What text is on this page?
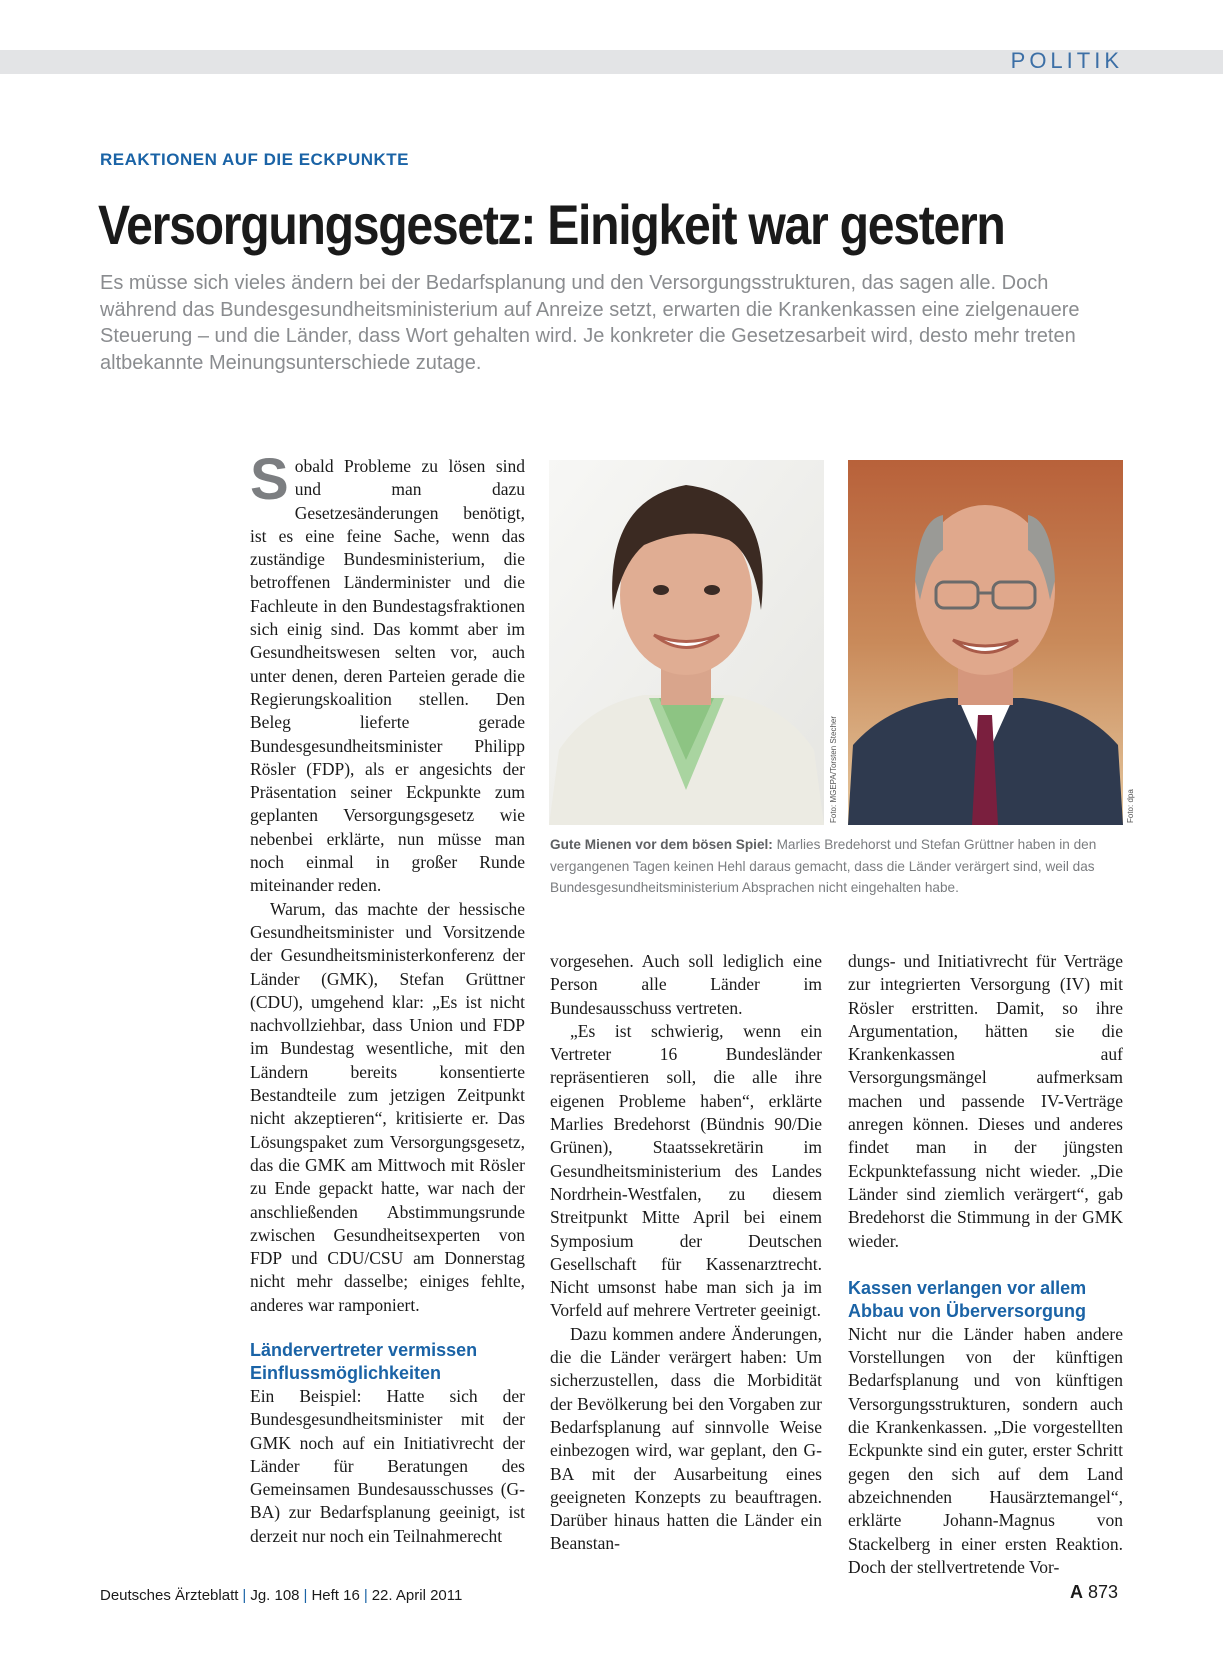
POLITIK
REAKTIONEN AUF DIE ECKPUNKTE
Versorgungsgesetz: Einigkeit war gestern
Es müsse sich vieles ändern bei der Bedarfsplanung und den Versorgungsstrukturen, das sagen alle. Doch während das Bundesgesundheitsministerium auf Anreize setzt, erwarten die Krankenkassen eine zielgenauere Steuerung – und die Länder, dass Wort gehalten wird. Je konkreter die Gesetzesarbeit wird, desto mehr treten altbekannte Meinungsunterschiede zutage.

Sobald Probleme zu lösen sind und man dazu Gesetzesänderungen benötigt, ist es eine feine Sache, wenn das zuständige Bundesministerium, die betroffenen Länderminister und die Fachleute in den Bundestagsfraktionen sich einig sind. Das kommt aber im Gesundheitswesen selten vor, auch unter denen, deren Parteien gerade die Regierungskoalition stellen. Den Beleg lieferte gerade Bundesgesundheitsminister Philipp Rösler (FDP), als er angesichts der Präsentation seiner Eckpunkte zum geplanten Versorgungsgesetz wie nebenbei erklärte, nun müsse man noch einmal in großer Runde miteinander reden.

Warum, das machte der hessische Gesundheitsminister und Vorsitzende der Gesundheitsministerkonferenz der Länder (GMK), Stefan Grüttner (CDU), umgehend klar: „Es ist nicht nachvollziehbar, dass Union und FDP im Bundestag wesentliche, mit den Ländern bereits konsentierte Bestandteile zum jetzigen Zeitpunkt nicht akzeptieren“, kritisierte er. Das Lösungspaket zum Versorgungsgesetz, das die GMK am Mittwoch mit Rösler zu Ende gepackt hatte, war nach der anschließenden Abstimmungsrunde zwischen Gesundheitsexperten von FDP und CDU/CSU am Donnerstag nicht mehr dasselbe; einiges fehlte, anderes war ramponiert.

Ländervertreter vermissen Einflussmöglichkeiten

Ein Beispiel: Hatte sich der Bundesgesundheitsminister mit der GMK noch auf ein Initiativrecht der Länder für Beratungen des Gemeinsamen Bundesausschusses (G-BA) zur Bedarfsplanung geeinigt, ist derzeit nur noch ein Teilnahmerecht

Foto: MGEPA/Torsten Stecher	Foto: dpa
Gute Mienen vor dem bösen Spiel: Marlies Bredehorst und Stefan Grüttner haben in den vergangenen Tagen keinen Hehl daraus gemacht, dass die Länder verärgert sind, weil das Bundesgesundheitsministerium Absprachen nicht eingehalten habe.

vorgesehen. Auch soll lediglich eine Person alle Länder im Bundesausschuss vertreten.

„Es ist schwierig, wenn ein Vertreter 16 Bundesländer repräsentieren soll, die alle ihre eigenen Probleme haben“, erklärte Marlies Bredehorst (Bündnis 90/Die Grünen), Staatssekretärin im Gesundheitsministerium des Landes Nordrhein-Westfalen, zu diesem Streitpunkt Mitte April bei einem Symposium der Deutschen Gesellschaft für Kassenarztrecht. Nicht umsonst habe man sich ja im Vorfeld auf mehrere Vertreter geeinigt.

Dazu kommen andere Änderungen, die die Länder verärgert haben: Um sicherzustellen, dass die Morbidität der Bevölkerung bei den Vorgaben zur Bedarfsplanung auf sinnvolle Weise einbezogen wird, war geplant, den G-BA mit der Ausarbeitung eines geeigneten Konzepts zu beauftragen. Darüber hinaus hatten die Länder ein Beanstan-

dungs- und Initiativrecht für Verträge zur integrierten Versorgung (IV) mit Rösler erstritten. Damit, so ihre Argumentation, hätten sie die Krankenkassen auf Versorgungsmängel aufmerksam machen und passende IV-Verträge anregen können. Dieses und anderes findet man in der jüngsten Eckpunktefassung nicht wieder. „Die Länder sind ziemlich verärgert“, gab Bredehorst die Stimmung in der GMK wieder.

Kassen verlangen vor allem Abbau von Überversorgung

Nicht nur die Länder haben andere Vorstellungen von der künftigen Bedarfsplanung und von künftigen Versorgungsstrukturen, sondern auch die Krankenkassen. „Die vorgestellten Eckpunkte sind ein guter, erster Schritt gegen den sich auf dem Land abzeichnenden Hausärztemangel“, erklärte Johann-Magnus von Stackelberg in einer ersten Reaktion. Doch der stellvertretende Vor-

Deutsches Ärzteblatt | Jg. 108 | Heft 16 | 22. April 2011	A 873
